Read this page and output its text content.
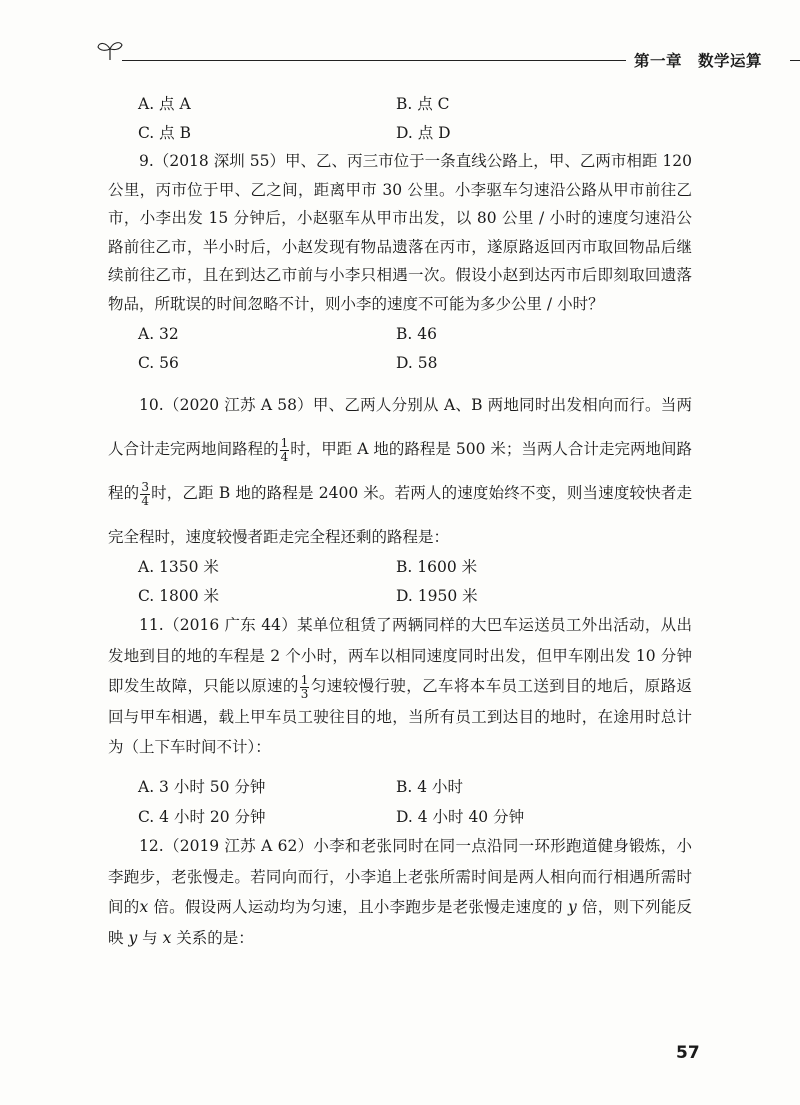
第一章　数学运算
A. 点 A	B. 点 C
C. 点 B	D. 点 D
9.（2018 深圳 55）甲、乙、丙三市位于一条直线公路上，甲、乙两市相距 120 公里，丙市位于甲、乙之间，距离甲市 30 公里。小李驱车匀速沿公路从甲市前往乙市，小李出发 15 分钟后，小赵驱车从甲市出发，以 80 公里 / 小时的速度匀速沿公路前往乙市，半小时后，小赵发现有物品遗落在丙市，遂原路返回丙市取回物品后继续前往乙市，且在到达乙市前与小李只相遇一次。假设小赵到达丙市后即刻取回遗落物品，所耽误的时间忽略不计，则小李的速度不可能为多少公里 / 小时？
A. 32	B. 46
C. 56	D. 58
10.（2020 江苏 A 58）甲、乙两人分别从 A、B 两地同时出发相向而行。当两人合计走完两地间路程的 $\frac{1}{4}$ 时，甲距 A 地的路程是 500 米；当两人合计走完两地间路程的 $\frac{3}{4}$ 时，乙距 B 地的路程是 2400 米。若两人的速度始终不变，则当速度较快者走完全程时，速度较慢者距走完全程还剩的路程是：
A. 1350 米	B. 1600 米
C. 1800 米	D. 1950 米
11.（2016 广东 44）某单位租赁了两辆同样的大巴车运送员工外出活动，从出发地到目的地的车程是 2 个小时，两车以相同速度同时出发，但甲车刚出发 10 分钟即发生故障，只能以原速的 $\frac{1}{3}$ 匀速较慢行驶，乙车将本车员工送到目的地后，原路返回与甲车相遇，载上甲车员工驶往目的地，当所有员工到达目的地时，在途用时总计为（上下车时间不计）：
A. 3 小时 50 分钟	B. 4 小时
C. 4 小时 20 分钟	D. 4 小时 40 分钟
12.（2019 江苏 A 62）小李和老张同时在同一点沿同一环形跑道健身锻炼，小李跑步，老张慢走。若同向而行，小李追上老张所需时间是两人相向而行相遇所需时间的x 倍。假设两人运动均为匀速，且小李跑步是老张慢走速度的 y 倍，则下列能反映 y 与 x 关系的是：
57
